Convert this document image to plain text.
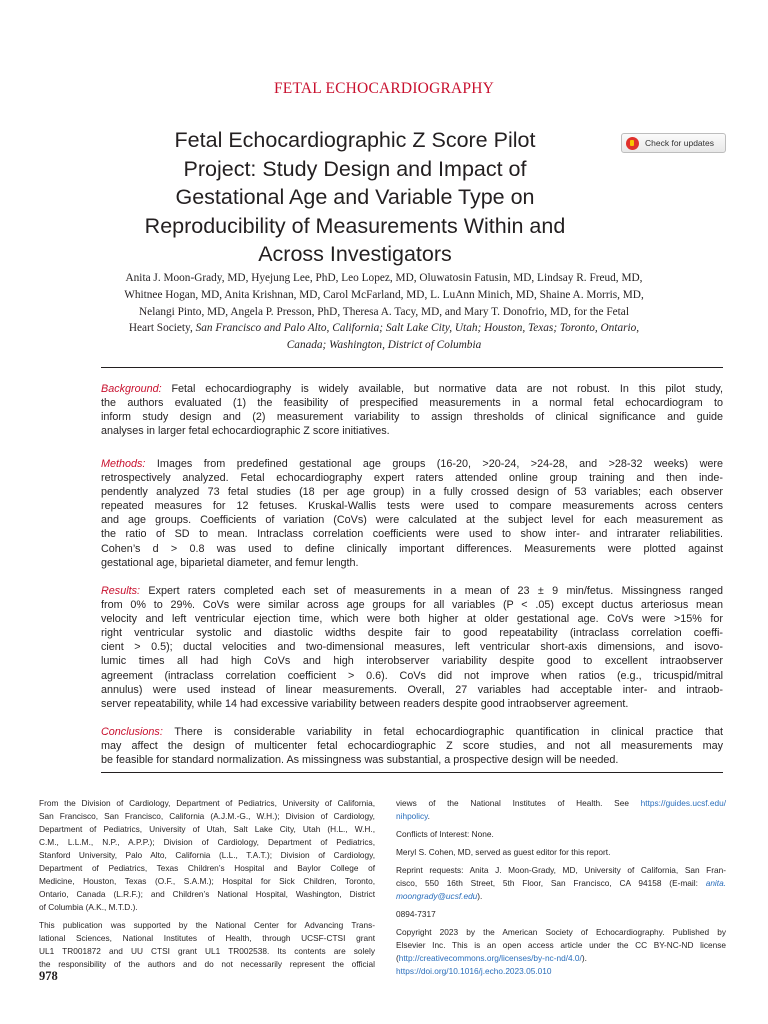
FETAL ECHOCARDIOGRAPHY
Fetal Echocardiographic Z Score Pilot
Project: Study Design and Impact of
Gestational Age and Variable Type on
Reproducibility of Measurements Within and
Across Investigators
Check for updates
Anita J. Moon-Grady, MD, Hyejung Lee, PhD, Leo Lopez, MD, Oluwatosin Fatusin, MD, Lindsay R. Freud, MD,
Whitnee Hogan, MD, Anita Krishnan, MD, Carol McFarland, MD, L. LuAnn Minich, MD, Shaine A. Morris, MD,
Nelangi Pinto, MD, Angela P. Presson, PhD, Theresa A. Tacy, MD, and Mary T. Donofrio, MD, for the Fetal
Heart Society, San Francisco and Palo Alto, California; Salt Lake City, Utah; Houston, Texas; Toronto, Ontario,
Canada; Washington, District of Columbia
Background: Fetal echocardiography is widely available, but normative data are not robust. In this pilot study,
the authors evaluated (1) the feasibility of prespecified measurements in a normal fetal echocardiogram to
inform study design and (2) measurement variability to assign thresholds of clinical significance and guide
analyses in larger fetal echocardiographic Z score initiatives.
Methods: Images from predefined gestational age groups (16-20, >20-24, >24-28, and >28-32 weeks) were
retrospectively analyzed. Fetal echocardiography expert raters attended online group training and then inde-
pendently analyzed 73 fetal studies (18 per age group) in a fully crossed design of 53 variables; each observer
repeated measures for 12 fetuses. Kruskal-Wallis tests were used to compare measurements across centers
and age groups. Coefficients of variation (CoVs) were calculated at the subject level for each measurement as
the ratio of SD to mean. Intraclass correlation coefficients were used to show inter- and intrarater reliabilities.
Cohen’s d > 0.8 was used to define clinically important differences. Measurements were plotted against
gestational age, biparietal diameter, and femur length.
Results: Expert raters completed each set of measurements in a mean of 23 ± 9 min/fetus. Missingness ranged
from 0% to 29%. CoVs were similar across age groups for all variables (P < .05) except ductus arteriosus mean
velocity and left ventricular ejection time, which were both higher at older gestational age. CoVs were >15% for
right ventricular systolic and diastolic widths despite fair to good repeatability (intraclass correlation coeffi-
cient > 0.5); ductal velocities and two-dimensional measures, left ventricular short-axis dimensions, and isovo-
lumic times all had high CoVs and high interobserver variability despite good to excellent intraobserver
agreement (intraclass correlation coefficient > 0.6). CoVs did not improve when ratios (e.g., tricuspid/mitral
annulus) were used instead of linear measurements. Overall, 27 variables had acceptable inter- and intraob-
server repeatability, while 14 had excessive variability between readers despite good intraobserver agreement.
Conclusions: There is considerable variability in fetal echocardiographic quantification in clinical practice that
may affect the design of multicenter fetal echocardiographic Z score studies, and not all measurements may
be feasible for standard normalization. As missingness was substantial, a prospective design will be needed.
From the Division of Cardiology, Department of Pediatrics, University of California,
San Francisco, San Francisco, California (A.J.M.-G., W.H.); Division of Cardiology,
Department of Pediatrics, University of Utah, Salt Lake City, Utah (H.L., W.H.,
C.M., L.L.M., N.P., A.P.P.); Division of Cardiology, Department of Pediatrics,
Stanford University, Palo Alto, California (L.L., T.A.T.); Division of Cardiology,
Department of Pediatrics, Texas Children’s Hospital and Baylor College of
Medicine, Houston, Texas (O.F., S.A.M.); Hospital for Sick Children, Toronto,
Ontario, Canada (L.R.F.); and Children’s National Hospital, Washington, District
of Columbia (A.K., M.T.D.).
This publication was supported by the National Center for Advancing Trans-
lational Sciences, National Institutes of Health, through UCSF-CTSI grant
UL1 TR001872 and UU CTSI grant UL1 TR002538. Its contents are solely
the responsibility of the authors and do not necessarily represent the official
views of the National Institutes of Health. See https://guides.ucsf.edu/
nihpolicy.
Conflicts of Interest: None.
Meryl S. Cohen, MD, served as guest editor for this report.
Reprint requests: Anita J. Moon-Grady, MD, University of California, San Fran-
cisco, 550 16th Street, 5th Floor, San Francisco, CA 94158 (E-mail: anita.
moongrady@ucsf.edu).
0894-7317
Copyright 2023 by the American Society of Echocardiography. Published by
Elsevier Inc. This is an open access article under the CC BY-NC-ND license
(http://creativecommons.org/licenses/by-nc-nd/4.0/).
https://doi.org/10.1016/j.echo.2023.05.010
978
